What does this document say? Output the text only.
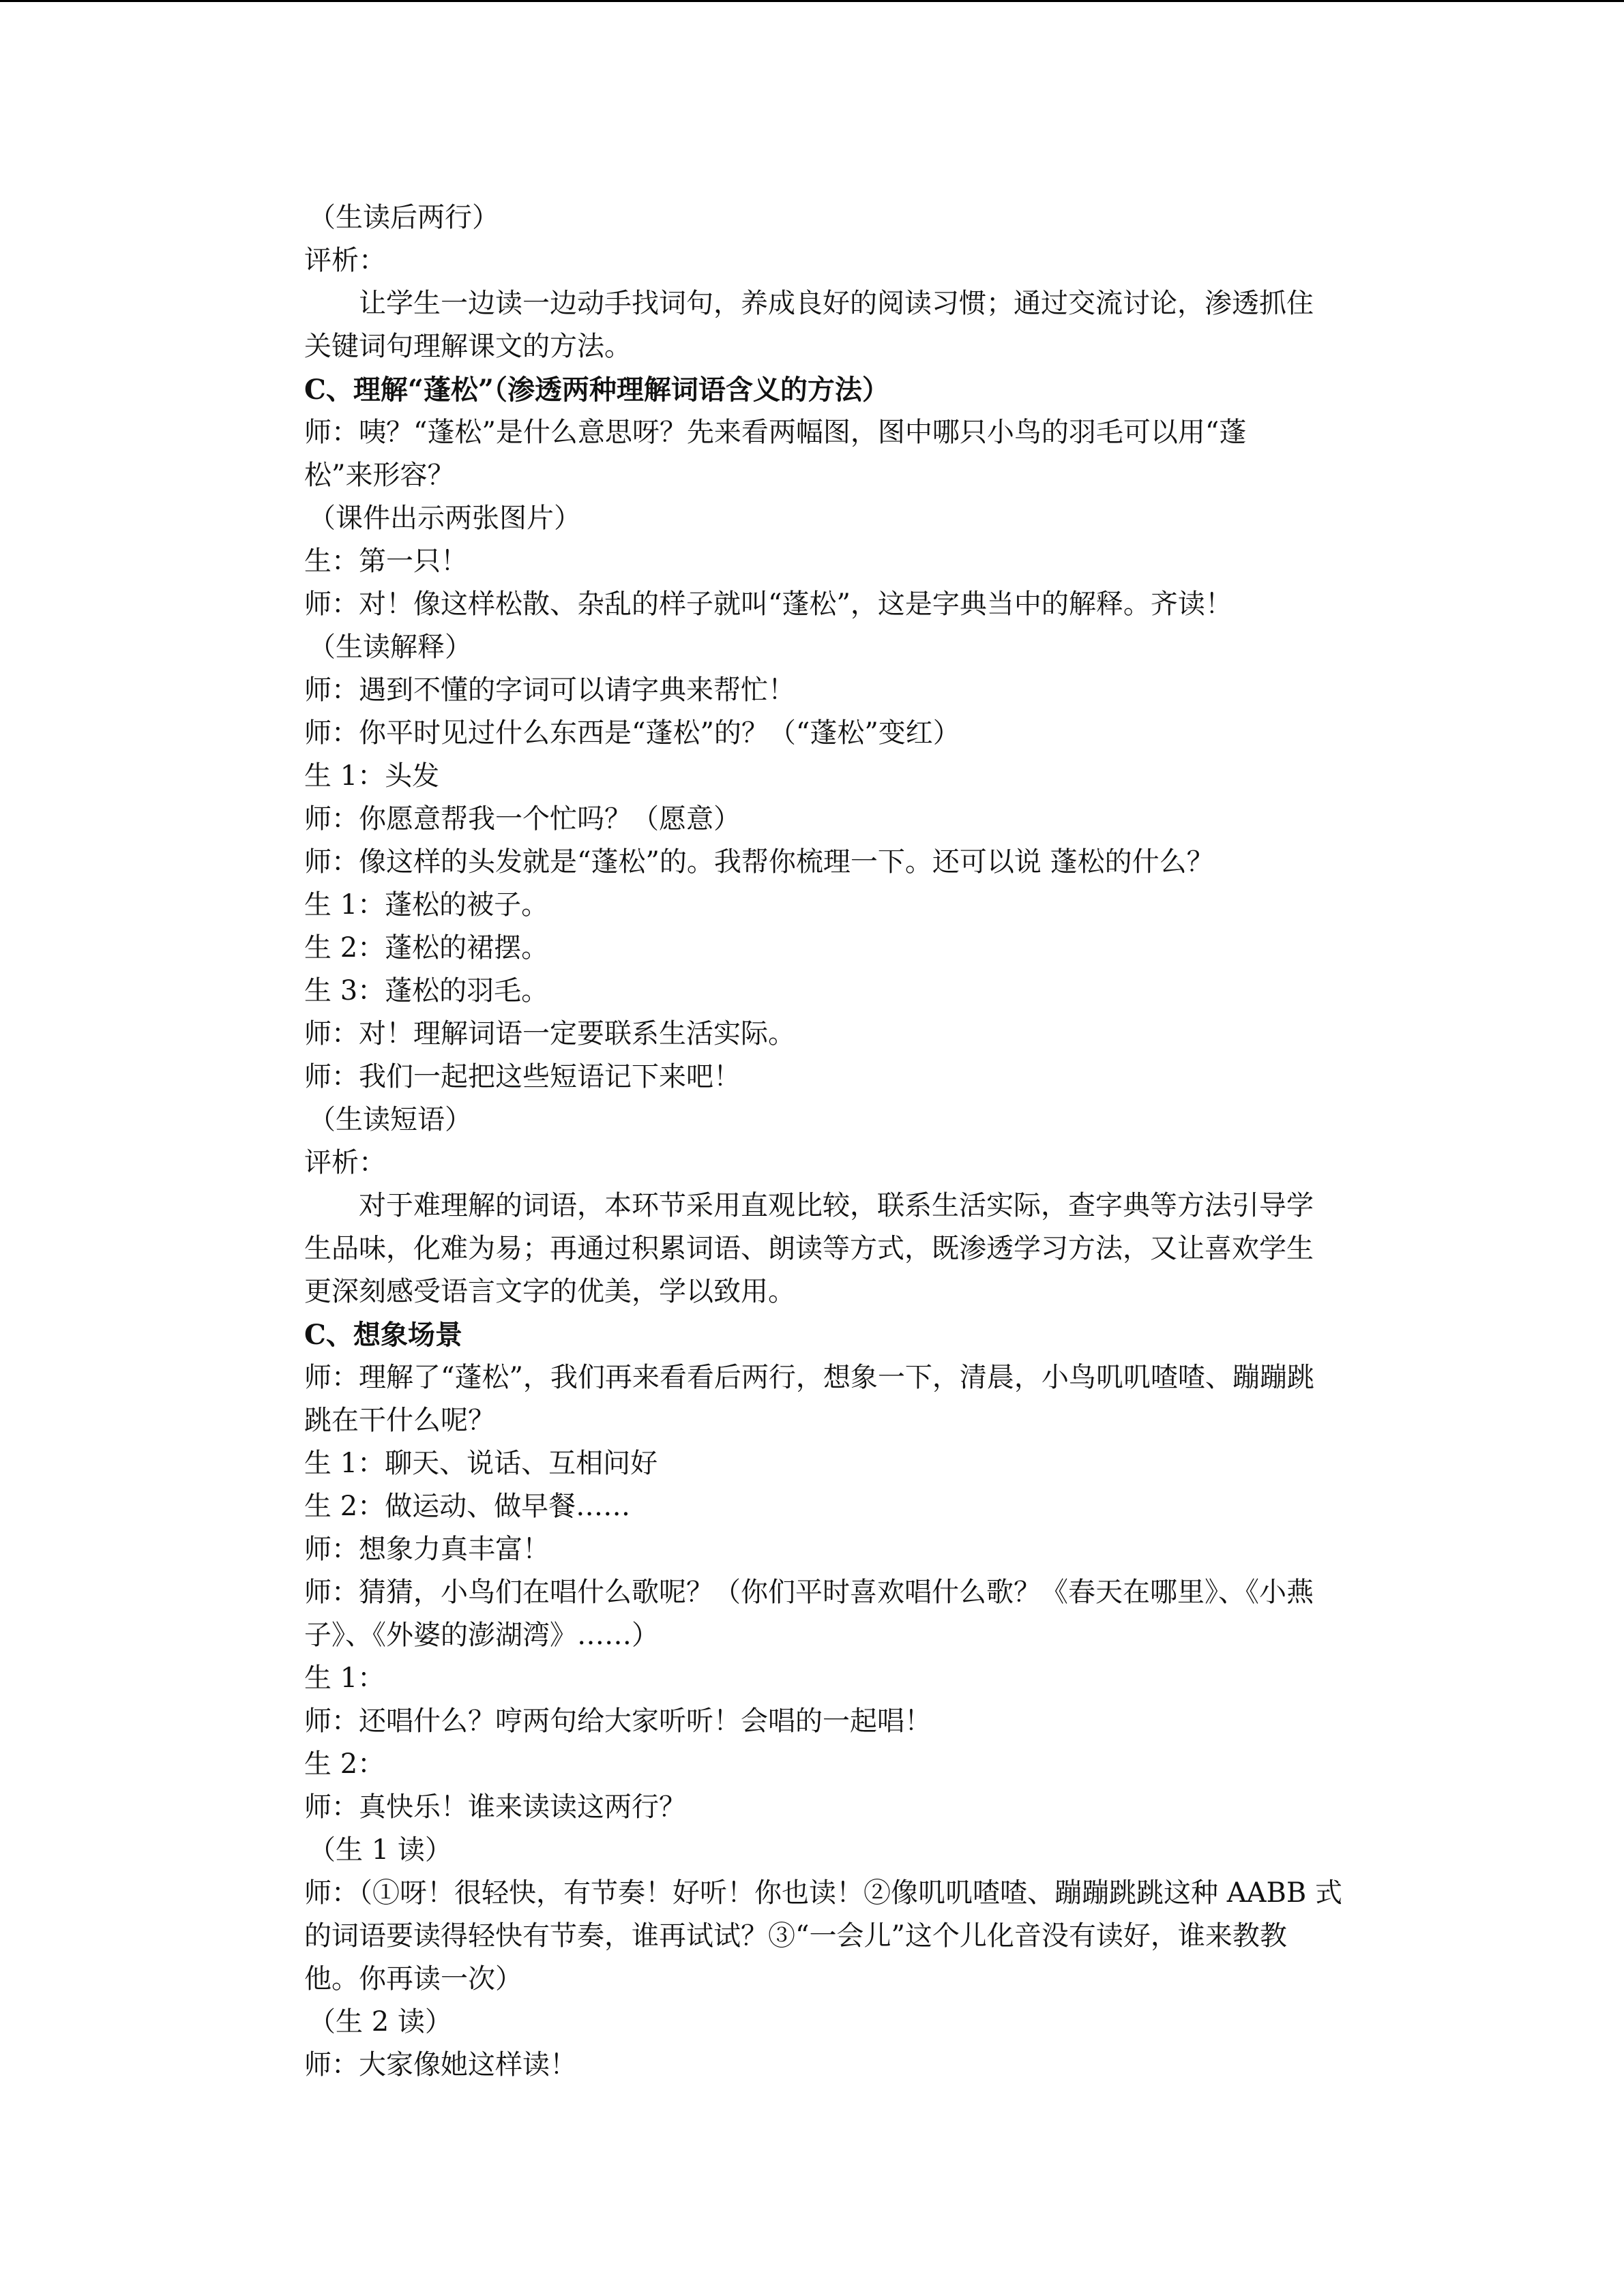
（生读后两行）
评析：
让学生一边读一边动手找词句，养成良好的阅读习惯；通过交流讨论，渗透抓住
关键词句理解课文的方法。
C、理解“蓬松”（渗透两种理解词语含义的方法）
师：咦？“蓬松”是什么意思呀？先来看两幅图，图中哪只小鸟的羽毛可以用“蓬
松”来形容？
（课件出示两张图片）
生：第一只！
师：对！像这样松散、杂乱的样子就叫“蓬松”，这是字典当中的解释。齐读！
（生读解释）
师：遇到不懂的字词可以请字典来帮忙！
师：你平时见过什么东西是“蓬松”的？（“蓬松”变红）
生 1：头发
师：你愿意帮我一个忙吗？（愿意）
师：像这样的头发就是“蓬松”的。我帮你梳理一下。还可以说 蓬松的什么？
生 1：蓬松的被子。
生 2：蓬松的裙摆。
生 3：蓬松的羽毛。
师：对！理解词语一定要联系生活实际。
师：我们一起把这些短语记下来吧！
（生读短语）
评析：
对于难理解的词语，本环节采用直观比较，联系生活实际，查字典等方法引导学
生品味，化难为易；再通过积累词语、朗读等方式，既渗透学习方法，又让喜欢学生
更深刻感受语言文字的优美，学以致用。
C、想象场景
师：理解了“蓬松”，我们再来看看后两行，想象一下，清晨，小鸟叽叽喳喳、蹦蹦跳
跳在干什么呢？
生 1：聊天、说话、互相问好
生 2：做运动、做早餐……
师：想象力真丰富！
师：猜猜，小鸟们在唱什么歌呢？（你们平时喜欢唱什么歌？《春天在哪里》、《小燕
子》、《外婆的澎湖湾》……）
生 1：
师：还唱什么？哼两句给大家听听！会唱的一起唱！
生 2：
师：真快乐！谁来读读这两行？
（生 1 读）
师：（①呀！很轻快，有节奏！好听！你也读！②像叽叽喳喳、蹦蹦跳跳这种 AABB 式
的词语要读得轻快有节奏，谁再试试？③“一会儿”这个儿化音没有读好，谁来教教
他。你再读一次）
（生 2 读）
师：大家像她这样读！
